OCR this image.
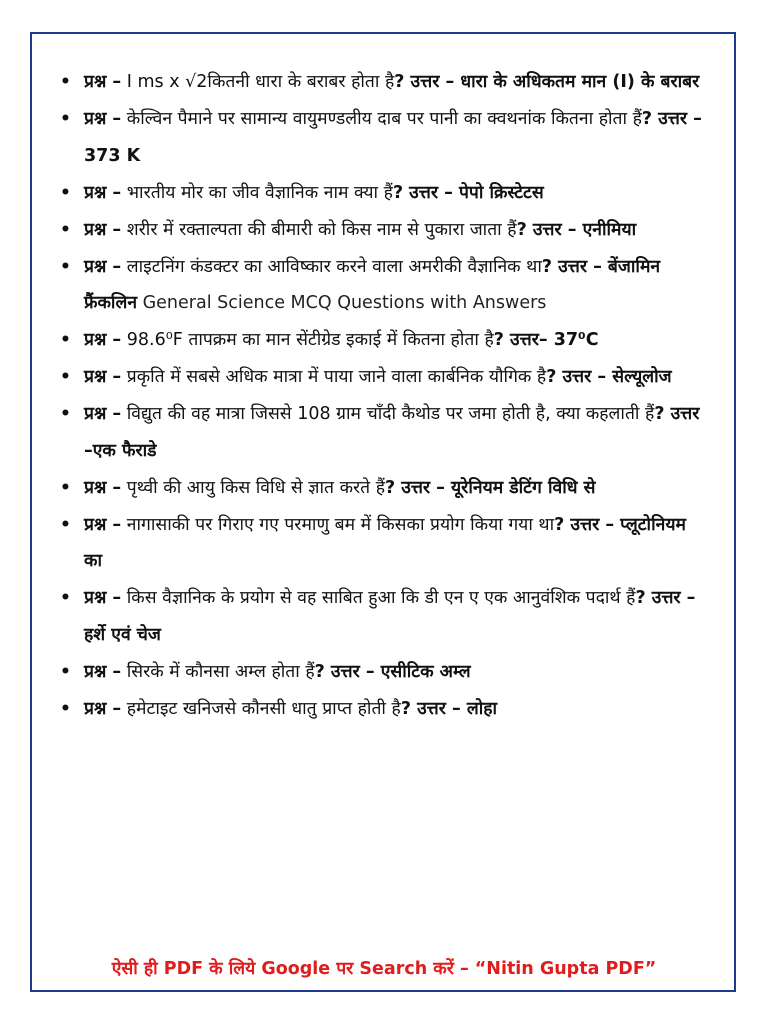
• प्रश्न – I ms x √2कितनी धारा के बराबर होता है? उत्तर – धारा के अधिकतम मान (I) के बराबर
• प्रश्न – केल्विन पैमाने पर सामान्य वायुमण्डलीय दाब पर पानी का क्वथनांक कितना होता हैं? उत्तर –373 K
• प्रश्न – भारतीय मोर का जीव वैज्ञानिक नाम क्या हैं? उत्तर – पेपो क्रिस्टेटस
• प्रश्न – शरीर में रक्ताल्पता की बीमारी को किस नाम से पुकारा जाता हैं? उत्तर – एनीमिया
• प्रश्न – लाइटनिंग कंडक्टर का आविष्कार करने वाला अमरीकी वैज्ञानिक था? उत्तर – बेंजामिन फ्रैंकलिन General Science MCQ Questions with Answers
• प्रश्न – 98.6⁰F तापक्रम का मान सेंटीग्रेड इकाई में कितना होता है? उत्तर– 37⁰C
• प्रश्न – प्रकृति में सबसे अधिक मात्रा में पाया जाने वाला कार्बनिक यौगिक है? उत्तर – सेल्यूलोज
• प्रश्न – विद्युत की वह मात्रा जिससे 108 ग्राम चाँदी कैथोड पर जमा होती है, क्या कहलाती हैं? उत्तर –एक फैराडे
• प्रश्न – पृथ्वी की आयु किस विधि से ज्ञात करते हैं? उत्तर – यूरेनियम डेटिंग विधि से
• प्रश्न – नागासाकी पर गिराए गए परमाणु बम में किसका प्रयोग किया गया था? उत्तर – प्लूटोनियम का
• प्रश्न – किस वैज्ञानिक के प्रयोग से वह साबित हुआ कि डी एन ए एक आनुवंशिक पदार्थ हैं? उत्तर – हर्शे एवं चेज
• प्रश्न – सिरके में कौनसा अम्ल होता हैं? उत्तर – एसीटिक अम्ल
• प्रश्न – हमेटाइट खनिजसे कौनसी धातु प्राप्त होती है? उत्तर – लोहा
ऐसी ही PDF के लिये Google पर Search करें – “Nitin Gupta PDF”
